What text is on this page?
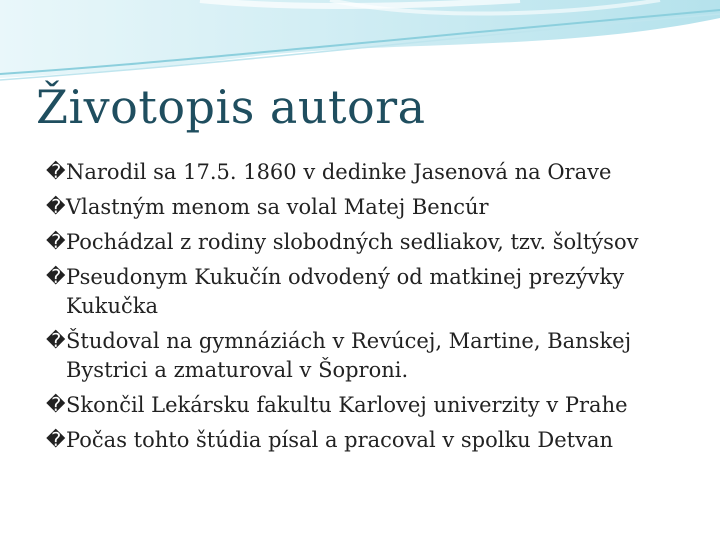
Životopis autora
� Narodil sa 17.5. 1860 v dedinke Jasenová na Orave
� Vlastným menom sa volal Matej Bencúr
� Pochádzal z rodiny slobodných sedliakov, tzv. šoltýsov
� Pseudonym Kukučín odvodený od matkinej prezývky Kukučka
� Študoval na gymnáziách v Revúcej, Martine, Banskej Bystrici a zmaturoval v Šoproni.
� Skončil Lekársku fakultu Karlovej univerzity v Prahe
� Počas tohto štúdia písal a pracoval v spolku Detvan
